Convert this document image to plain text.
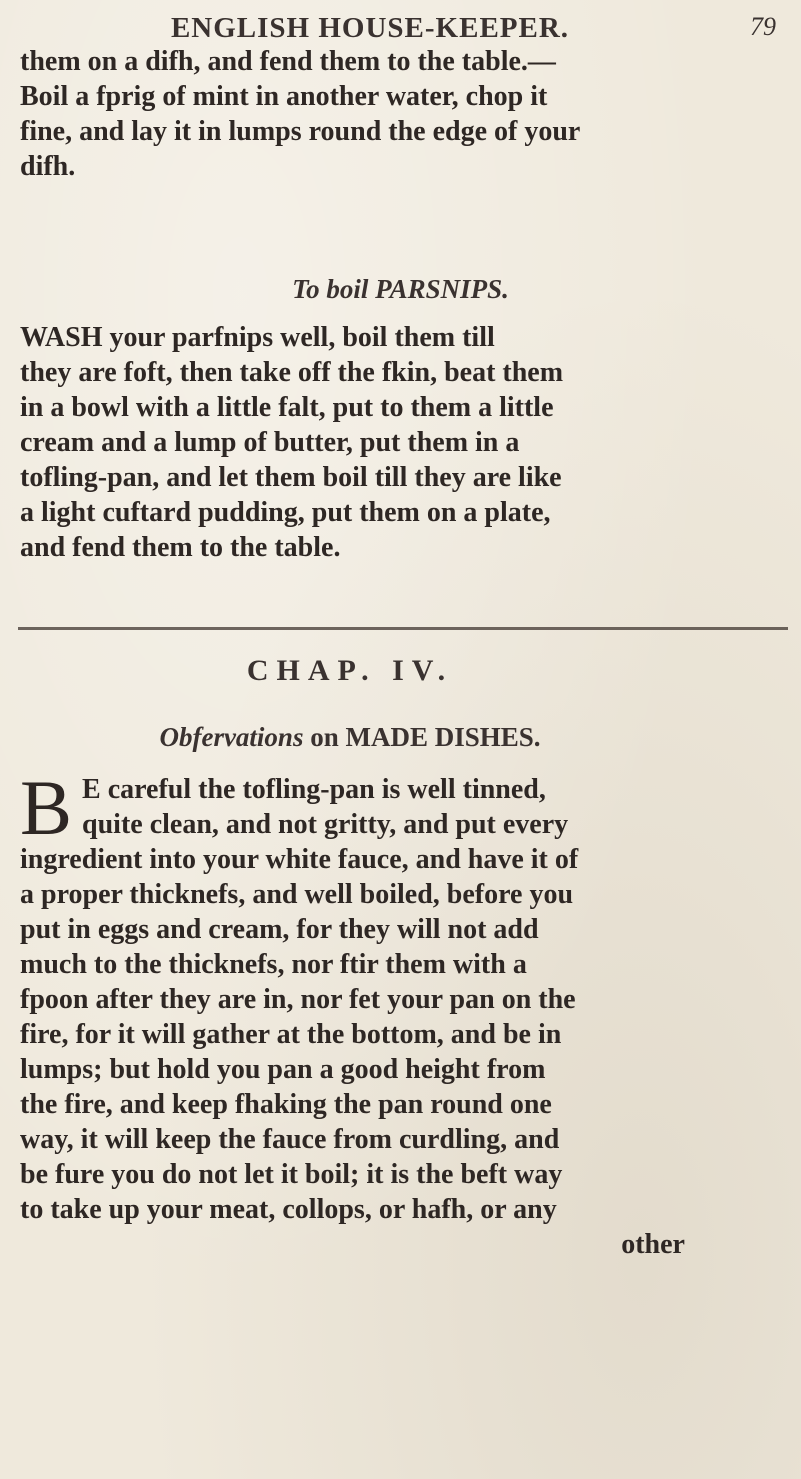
ENGLISH HOUSE-KEEPER.	79
them on a difh, and fend them to the table.—
Boil a fprig of mint in another water, chop it
fine, and lay it in lumps round the edge of your
difh.
To boil PARSNIPS.
WASH your parfnips well, boil them till
they are foft, then take off the fkin, beat them
in a bowl with a little falt, put to them a little
cream and a lump of butter, put them in a
tofling-pan, and let them boil till they are like
a light cuftard pudding, put them on a plate,
and fend them to the table.
CHAP. IV.
Obfervations on MADE DISHES.
B E careful the tofling-pan is well tinned,
quite clean, and not gritty, and put every
ingredient into your white fauce, and have it of
a proper thicknefs, and well boiled, before you
put in eggs and cream, for they will not add
much to the thicknefs, nor ftir them with a
fpoon after they are in, nor fet your pan on the
fire, for it will gather at the bottom, and be in
lumps; but hold you pan a good height from
the fire, and keep fhaking the pan round one
way, it will keep the fauce from curdling, and
be fure you do not let it boil; it is the beft way
to take up your meat, collops, or hafh, or any
other
